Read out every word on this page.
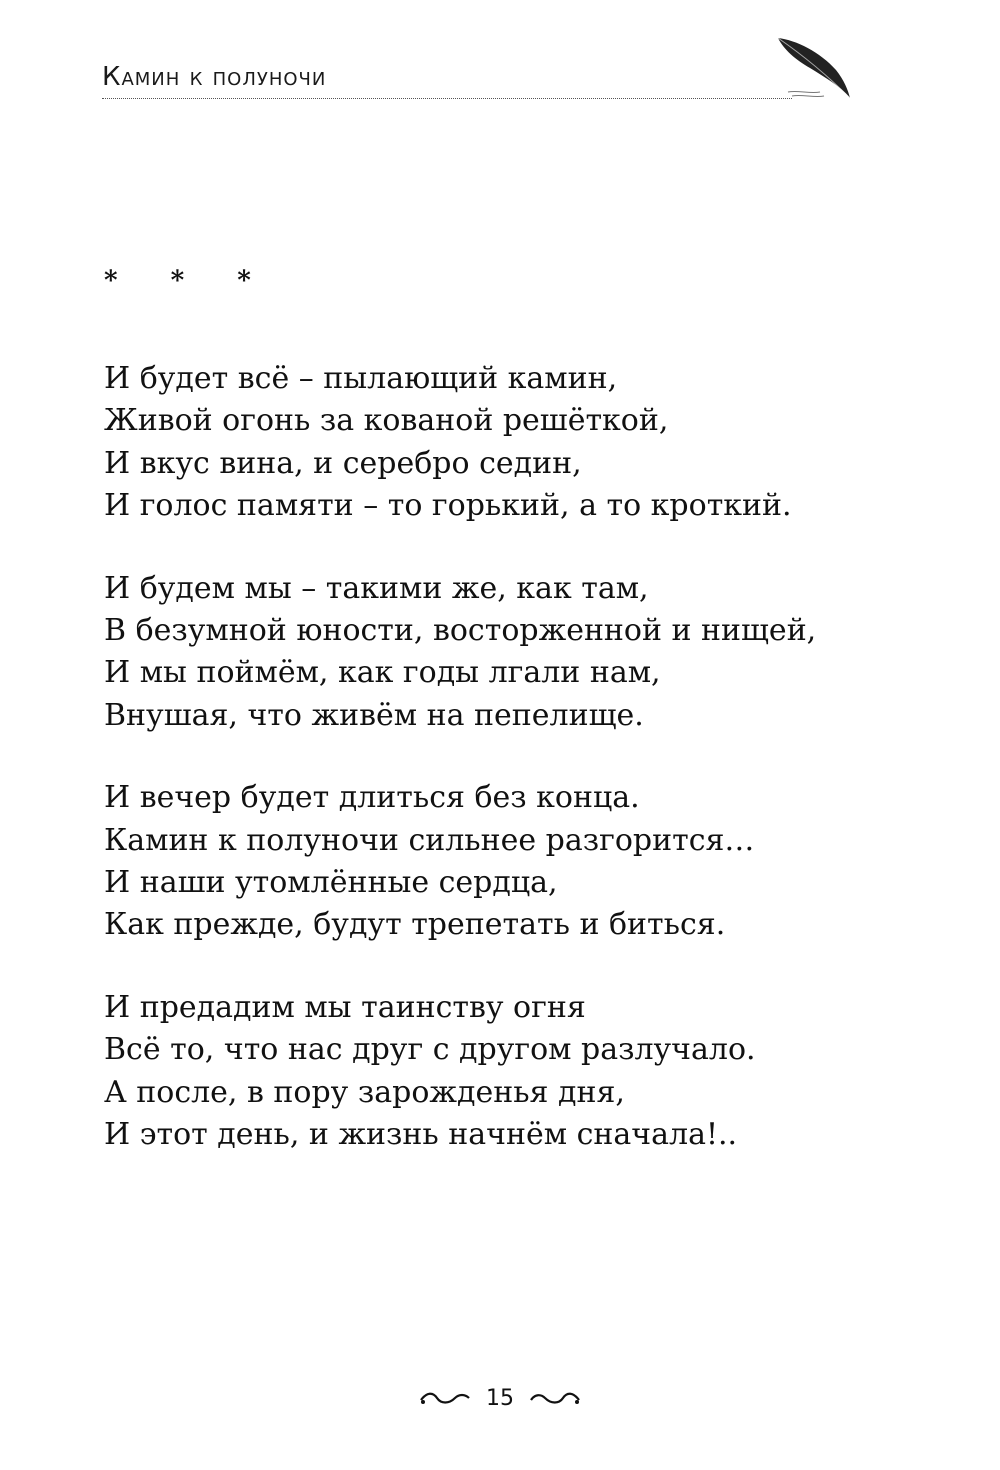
Камин к полуночи
* * *
И будет всё – пылающий камин,
Живой огонь за кованой решёткой,
И вкус вина, и серебро седин,
И голос памяти – то горький, а то кроткий.
И будем мы – такими же, как там,
В безумной юности, восторженной и нищей,
И мы поймём, как годы лгали нам,
Внушая, что живём на пепелище.
И вечер будет длиться без конца.
Камин к полуночи сильнее разгорится…
И наши утомлённые сердца,
Как прежде, будут трепетать и биться.
И предадим мы таинству огня
Всё то, что нас друг с другом разлучало.
А после, в пору зарожденья дня,
И этот день, и жизнь начнём сначала!..
15
